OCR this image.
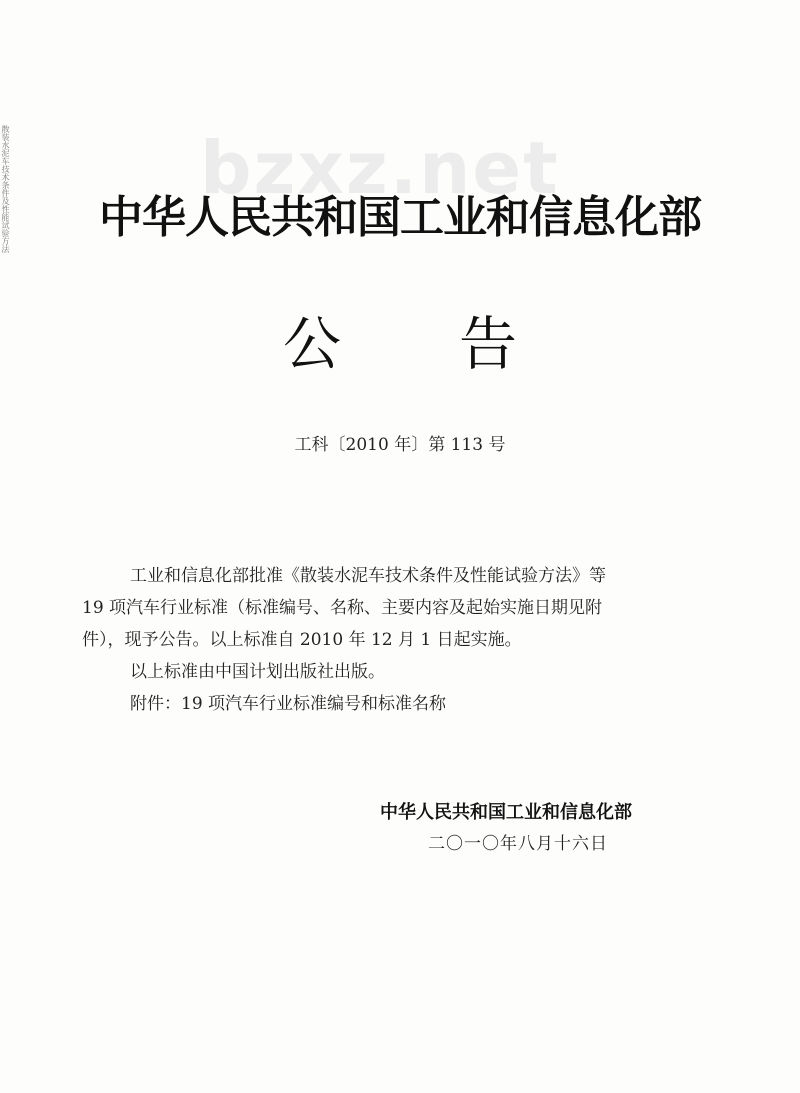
散装水泥车技术条件及性能试验方法	bzxz.net
中华人民共和国工业和信息化部
公告
工科〔2010 年〕第 113 号

工业和信息化部批准《散装水泥车技术条件及性能试验方法》等

19 项汽车行业标准（标准编号、名称、主要内容及起始实施日期见附

件），现予公告。以上标准自 2010 年 12 月 1 日起实施。

以上标准由中国计划出版社出版。

附件：19 项汽车行业标准编号和标准名称

中华人民共和国工业和信息化部
二〇一〇年八月十六日
